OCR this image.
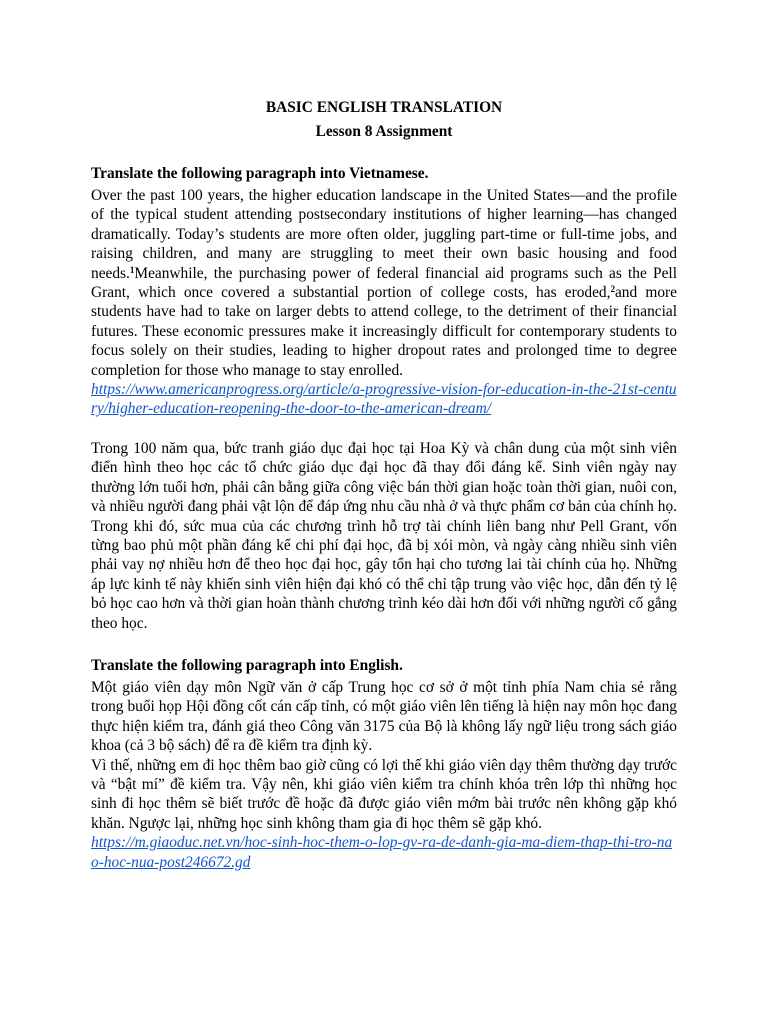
BASIC ENGLISH TRANSLATION
Lesson 8 Assignment

Translate the following paragraph into Vietnamese.

Over the past 100 years, the higher education landscape in the United States—and the profile of the typical student attending postsecondary institutions of higher learning—has changed dramatically. Today’s students are more often older, juggling part-time or full-time jobs, and raising children, and many are struggling to meet their own basic housing and food needs.$^1$Meanwhile, the purchasing power of federal financial aid programs such as the Pell Grant, which once covered a substantial portion of college costs, has eroded,$^2$and more students have had to take on larger debts to attend college, to the detriment of their financial futures. These economic pressures make it increasingly difficult for contemporary students to focus solely on their studies, leading to higher dropout rates and prolonged time to degree completion for those who manage to stay enrolled.

https://www.americanprogress.org/article/a-progressive-vision-for-education-in-the-21st-century/higher-education-reopening-the-door-to-the-american-dream/

Trong 100 năm qua, bức tranh giáo dục đại học tại Hoa Kỳ và chân dung của một sinh viên điển hình theo học các tổ chức giáo dục đại học đã thay đổi đáng kể. Sinh viên ngày nay thường lớn tuổi hơn, phải cân bằng giữa công việc bán thời gian hoặc toàn thời gian, nuôi con, và nhiều người đang phải vật lộn để đáp ứng nhu cầu nhà ở và thực phẩm cơ bản của chính họ. Trong khi đó, sức mua của các chương trình hỗ trợ tài chính liên bang như Pell Grant, vốn từng bao phủ một phần đáng kể chi phí đại học, đã bị xói mòn, và ngày càng nhiều sinh viên phải vay nợ nhiều hơn để theo học đại học, gây tổn hại cho tương lai tài chính của họ. Những áp lực kinh tế này khiến sinh viên hiện đại khó có thể chỉ tập trung vào việc học, dẫn đến tỷ lệ bỏ học cao hơn và thời gian hoàn thành chương trình kéo dài hơn đối với những người cố gắng theo học.

Translate the following paragraph into English.

Một giáo viên dạy môn Ngữ văn ở cấp Trung học cơ sở ở một tỉnh phía Nam chia sẻ rằng trong buổi họp Hội đồng cốt cán cấp tỉnh, có một giáo viên lên tiếng là hiện nay môn học đang thực hiện kiểm tra, đánh giá theo Công văn 3175 của Bộ là không lấy ngữ liệu trong sách giáo khoa (cả 3 bộ sách) để ra đề kiểm tra định kỳ.

Vì thế, những em đi học thêm bao giờ cũng có lợi thế khi giáo viên dạy thêm thường dạy trước và “bật mí” đề kiểm tra. Vậy nên, khi giáo viên kiểm tra chính khóa trên lớp thì những học sinh đi học thêm sẽ biết trước đề hoặc đã được giáo viên mớm bài trước nên không gặp khó khăn. Ngược lại, những học sinh không tham gia đi học thêm sẽ gặp khó.

https://m.giaoduc.net.vn/hoc-sinh-hoc-them-o-lop-gv-ra-de-danh-gia-ma-diem-thap-thi-tro-nao-hoc-nua-post246672.gd
